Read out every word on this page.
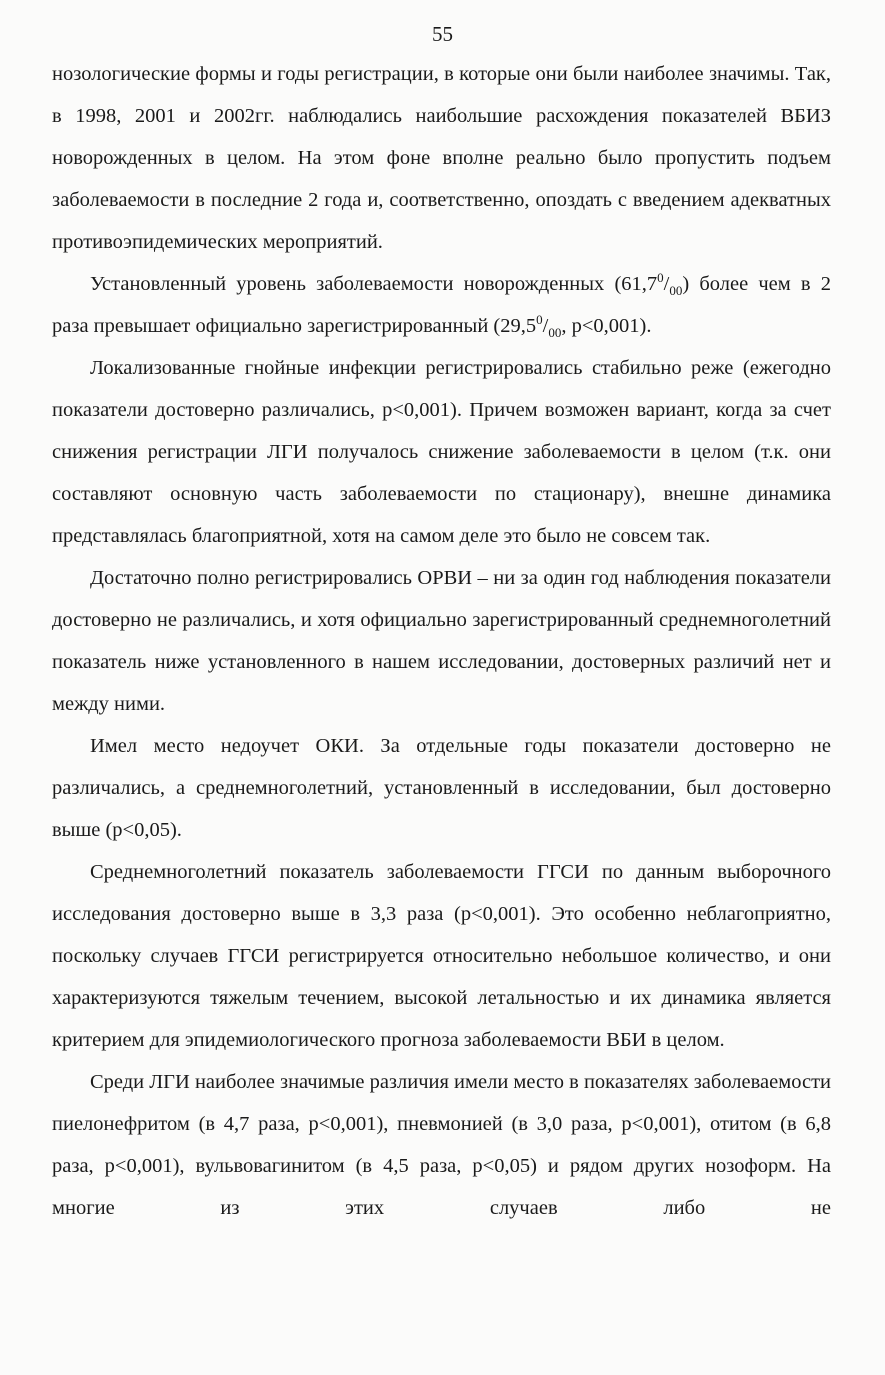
55

нозологические формы и годы регистрации, в которые они были наиболее значимы. Так, в 1998, 2001 и 2002гг. наблюдались наибольшие расхождения показателей ВБИЗ новорожденных в целом. На этом фоне вполне реально было пропустить подъем заболеваемости в последние 2 года и, соответственно, опоздать с введением адекватных противоэпидемических мероприятий.

Установленный уровень заболеваемости новорожденных $(61,7^0/_{00})$ более чем в 2 раза превышает официально зарегистрированный ($29,5^0/_{00}$, p<0,001).

Локализованные гнойные инфекции регистрировались стабильно реже (ежегодно показатели достоверно различались, p<0,001). Причем возможен вариант, когда за счет снижения регистрации ЛГИ получалось снижение заболеваемости в целом (т.к. они составляют основную часть заболеваемости по стационару), внешне динамика представлялась благоприятной, хотя на самом деле это было не совсем так.

Достаточно полно регистрировались ОРВИ – ни за один год наблюдения показатели достоверно не различались, и хотя официально зарегистрированный среднемноголетний показатель ниже установленного в нашем исследовании, достоверных различий нет и между ними.

Имел место недоучет ОКИ. За отдельные годы показатели достоверно не различались, а среднемноголетний, установленный в исследовании, был достоверно выше (p<0,05).

Среднемноголетний показатель заболеваемости ГГСИ по данным выборочного исследования достоверно выше в 3,3 раза (p<0,001). Это особенно неблагоприятно, поскольку случаев ГГСИ регистрируется относительно небольшое количество, и они характеризуются тяжелым течением, высокой летальностью и их динамика является критерием для эпидемиологического прогноза заболеваемости ВБИ в целом.

Среди ЛГИ наиболее значимые различия имели место в показателях заболеваемости пиелонефритом (в 4,7 раза, p<0,001), пневмонией (в 3,0 раза, p<0,001), отитом (в 6,8 раза, p<0,001), вульвовагинитом (в 4,5 раза, p<0,05) и рядом других нозоформ. На многие из этих случаев либо не
